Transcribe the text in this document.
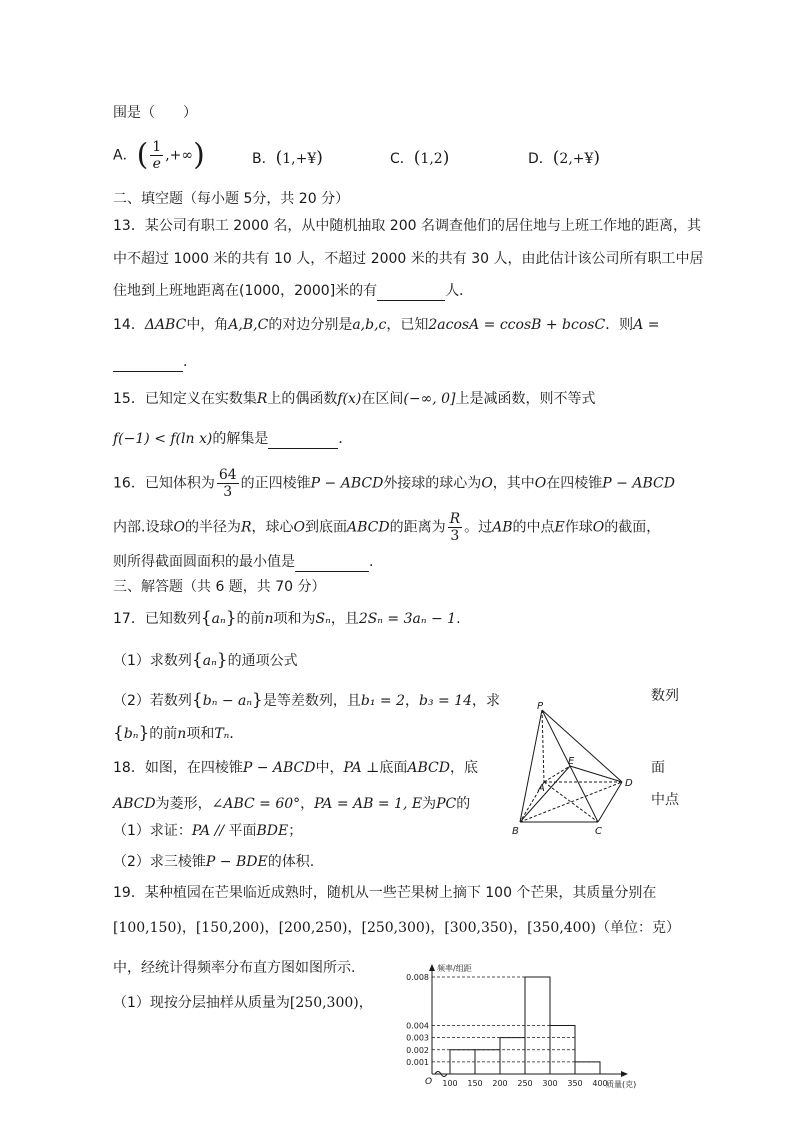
围是（　　）
A．( $\frac{1}{e}$ ,+∞)	B．(1,+¥)	C．(1,2)	D．(2,+¥)
二、填空题（每小题 5分，共 20 分）
13．某公司有职工 2000 名，从中随机抽取 200 名调查他们的居住地与上班工作地的距离，其
中不超过 1000 米的共有 10 人，不超过 2000 米的共有 30 人，由此估计该公司所有职工中居
住地到上班地距离在(1000，2000]米的有	人．
14．ΔABC中，角A,B,C的对边分别是a,b,c，已知2acosA = ccosB + bcosC．则A =
.
15．已知定义在实数集R上的偶函数f(x)在区间(−∞, 0]上是减函数，则不等式
f(−1) < f(ln x)的解集是	．
16．已知体积为 $\frac{64}{3}$ 的正四棱锥P − ABCD外接球的球心为O，其中O在四棱锥P − ABCD
内部.设球O的半径为R，球心O到底面ABCD的距离为 $\frac{R}{3}$ 。过AB的中点E作球O的截面，
则所得截面圆面积的最小值是	.
三、解答题（共 6 题，共 70 分）
17．已知数列{aₙ}的前n项和为Sₙ，且2Sₙ = 3aₙ − 1.
（1）求数列{aₙ}的通项公式
（2）若数列{bₙ − aₙ}是等差数列，且b₁ = 2，b₃ = 14，求	数列
{bₙ}的前n项和Tₙ．
18．如图，在四棱锥P − ABCD中，PA ⊥底面ABCD，底	面
ABCD为菱形，∠ABC = 60°，PA = AB = 1, E为PC的	中点
（1）求证：PA // 平面BDE；
（2）求三棱锥P − BDE的体积.
P
A
B	C
D
E
19．某种植园在芒果临近成熟时，随机从一些芒果树上摘下 100 个芒果，其质量分别在
[100,150)，[150,200)，[200,250)，[250,300)，[300,350)，[350,400)（单位：克）
中，经统计得频率分布直方图如图所示.
（1）现按分层抽样从质量为[250,300)，
频率/组距
质量(克)
O
0.001
0.002
0.003
0.004
0.008
100 150 200 250 300 350 400
